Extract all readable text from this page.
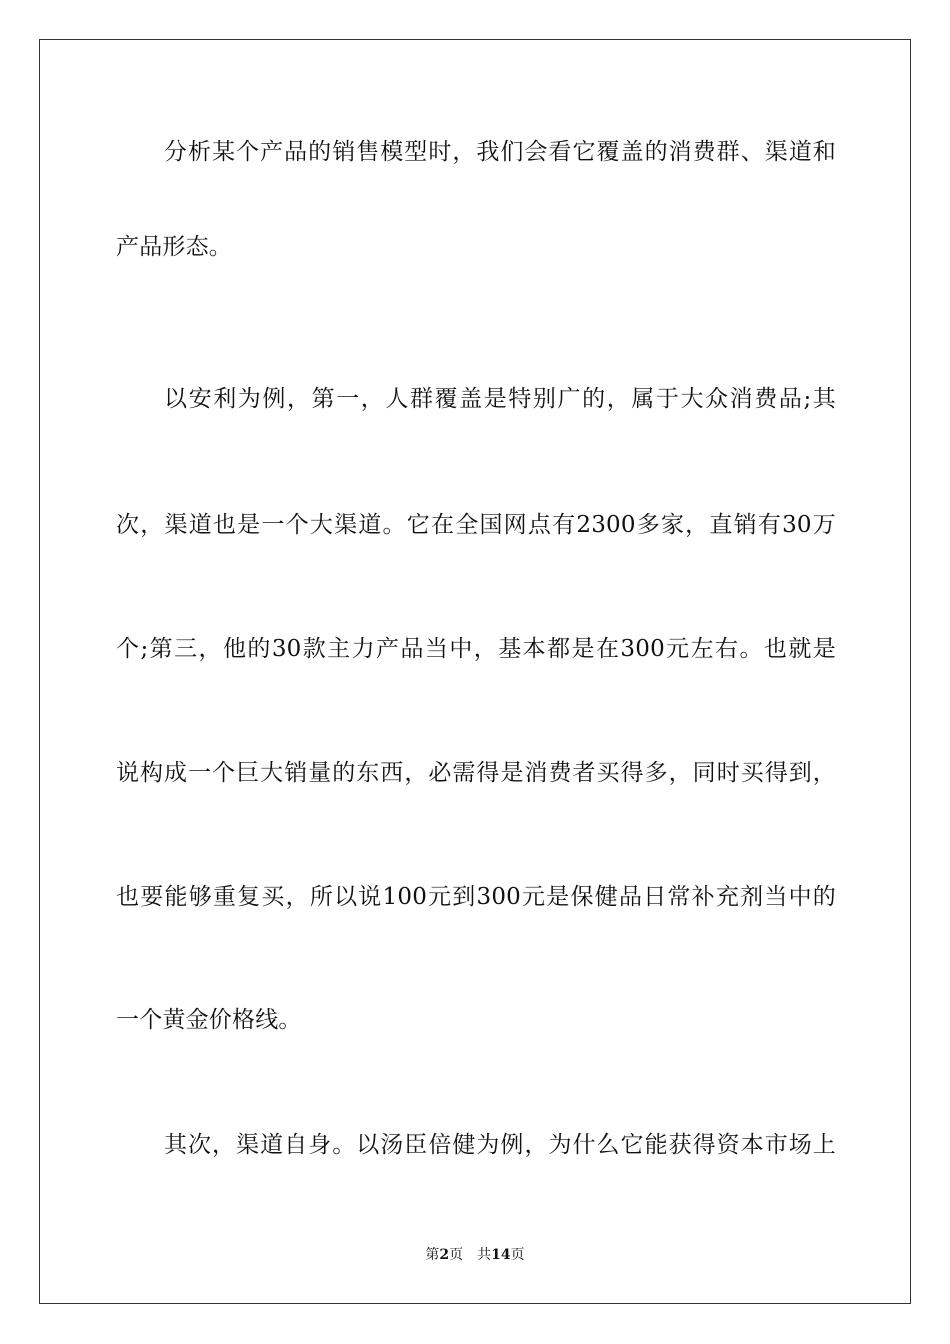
分析某个产品的销售模型时，我们会看它覆盖的消费群、渠道和
产品形态。
以安利为例，第一，人群覆盖是特别广的，属于大众消费品;其
次，渠道也是一个大渠道。它在全国网点有2300多家，直销有30万
个;第三，他的30款主力产品当中，基本都是在300元左右。也就是
说构成一个巨大销量的东西，必需得是消费者买得多，同时买得到，
也要能够重复买，所以说100元到300元是保健品日常补充剂当中的
一个黄金价格线。
其次，渠道自身。以汤臣倍健为例，为什么它能获得资本市场上
第2页 共14页
